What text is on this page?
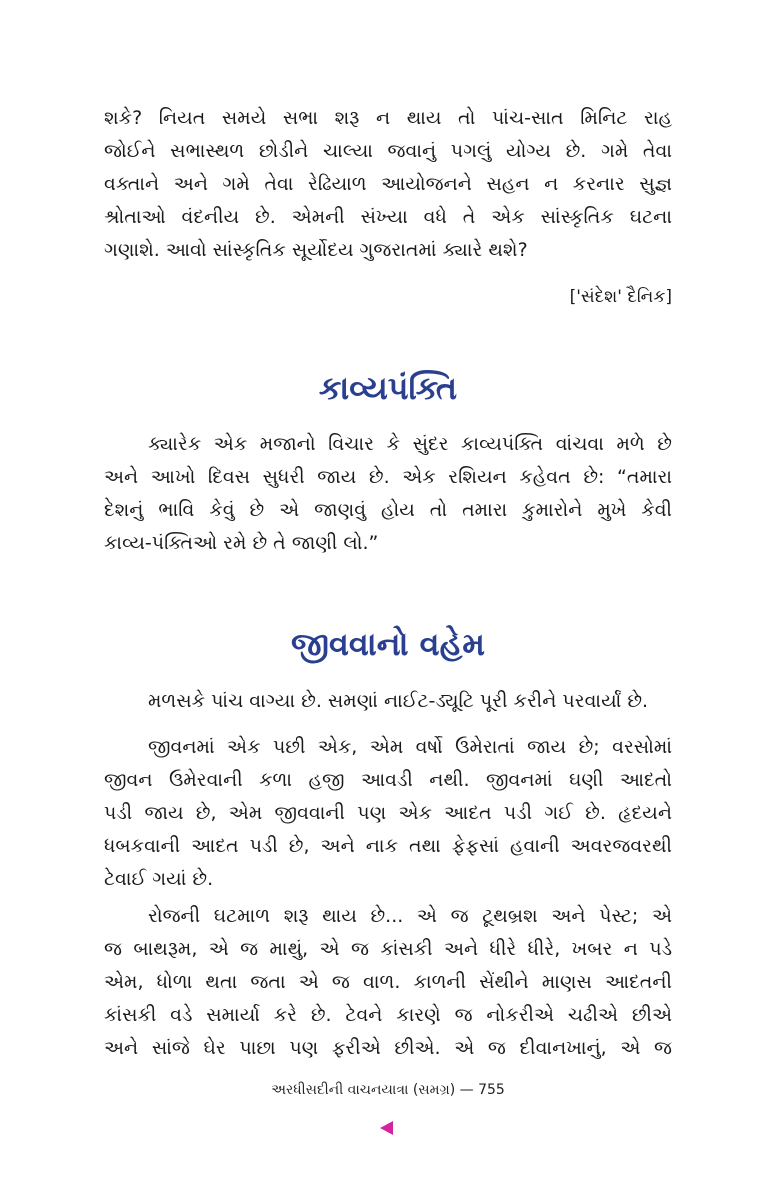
શકે? નિયત સમયે સભા શરૂ ન થાય તો પાંચ-સાત મિનિટ રાહ
જોઈને સભાસ્થળ છોડીને ચાલ્યા જવાનું પગલું યોગ્ય છે. ગમે તેવા
વક્તાને અને ગમે તેવા રેઢિયાળ આયોજનને સહન ન કરનાર સુજ્ઞ
શ્રોતાઓ વંદનીય છે. એમની સંખ્યા વધે તે એક સાંસ્કૃતિક ઘટના
ગણાશે. આવો સાંસ્કૃતિક સૂર્યોદય ગુજરાતમાં ક્યારે થશે?
['સંદેશ' દૈનિક]
કાવ્યપંક્તિ
ક્યારેક એક મજાનો વિચાર કે સુંદર કાવ્યપંક્તિ વાંચવા મળે છે
અને આખો દિવસ સુધરી જાય છે. એક રશિયન કહેવત છે: “તમારા
દેશનું ભાવિ કેવું છે એ જાણવું હોય તો તમારા કુમારોને મુખે કેવી
કાવ્ય-પંક્તિઓ રમે છે તે જાણી લો.”
જીવવાનો વહેમ
મળસકે પાંચ વાગ્યા છે. સમણાં નાઈટ-ડ્યૂટિ પૂરી કરીને પરવાર્યાં છે.
જીવનમાં એક પછી એક, એમ વર્ષો ઉમેરાતાં જાય છે; વરસોમાં
જીવન ઉમેરવાની કળા હજી આવડી નથી. જીવનમાં ઘણી આદતો
પડી જાય છે, એમ જીવવાની પણ એક આદત પડી ગઈ છે. હૃદયને
ધબકવાની આદત પડી છે, અને નાક તથા ફેફસાં હવાની અવરજવરથી
ટેવાઈ ગયાં છે.
રોજની ઘટમાળ શરૂ થાય છે... એ જ ટૂથબ્રશ અને પેસ્ટ; એ
જ બાથરૂમ, એ જ માથું, એ જ કાંસકી અને ધીરે ધીરે, ખબર ન પડે
એમ, ધોળા થતા જતા એ જ વાળ. કાળની સેંથીને માણસ આદતની
કાંસકી વડે સમાર્યા કરે છે. ટેવને કારણે જ નોકરીએ ચઢીએ છીએ
અને સાંજે ઘેર પાછા પણ ફરીએ છીએ. એ જ દીવાનખાનું, એ જ
અરધીસદીની વાચનયાત્રા (સમગ્ર) — 755
